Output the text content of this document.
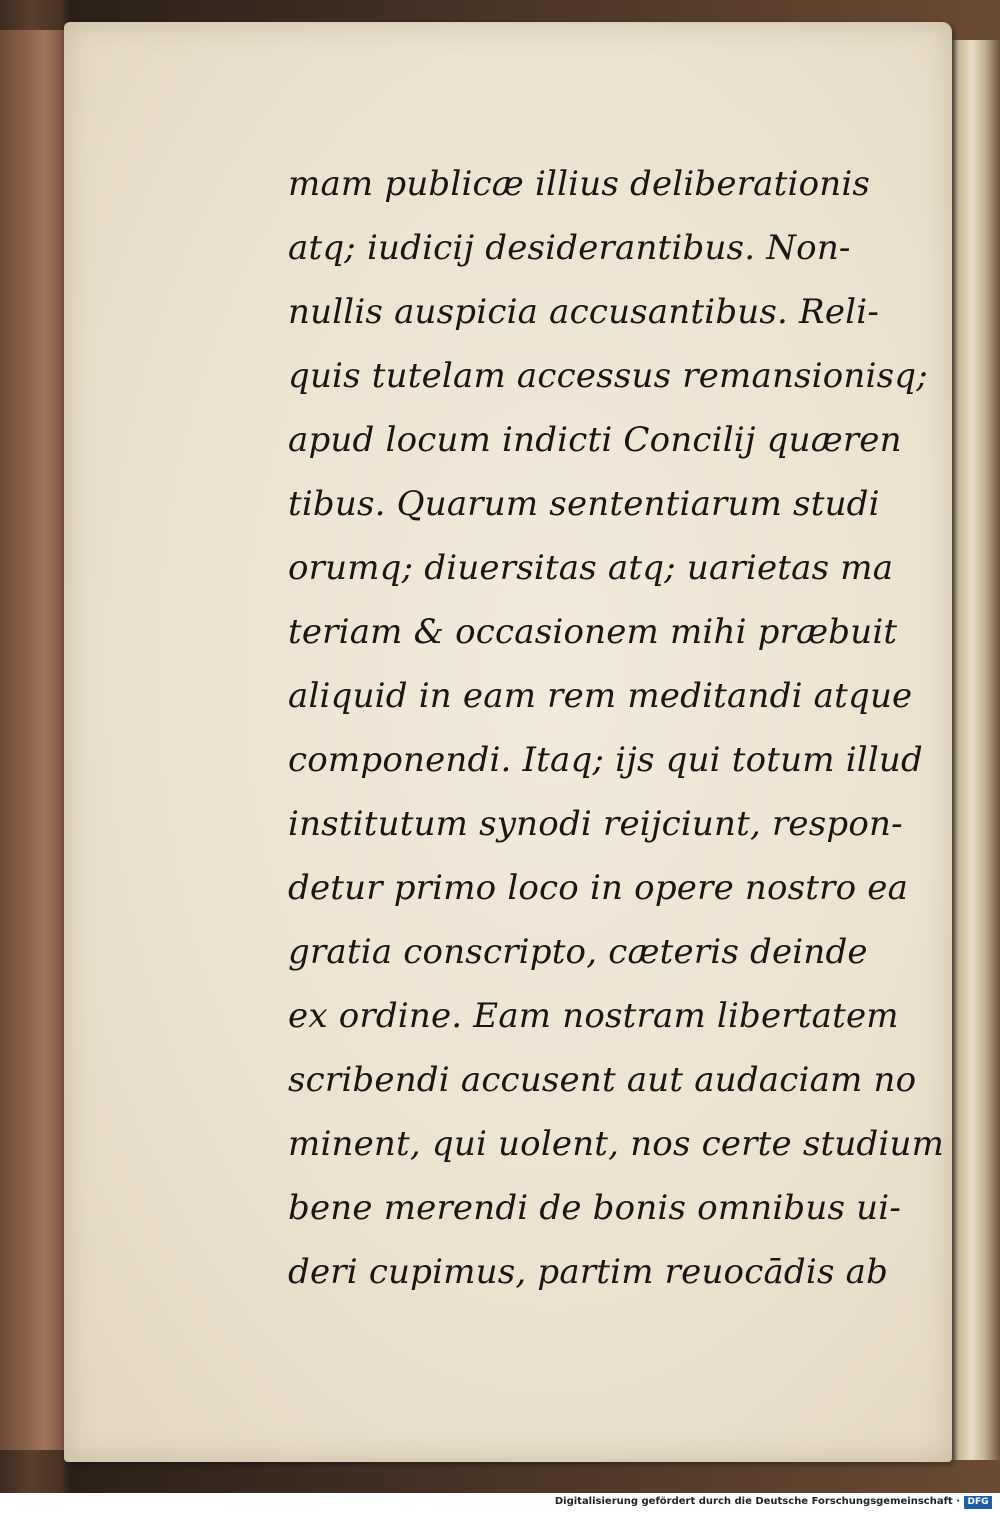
mam publicæ illius deliberationis
atq; iudicij desiderantibus. Non-
nullis auspicia accusantibus. Reli-
quis tutelam accessus remansionisq;
apud locum indicti Concilij quæren
tibus. Quarum sententiarum studi
orumq; diuersitas atq; uarietas ma
teriam & occasionem mihi præbuit
aliquid in eam rem meditandi atque
componendi. Itaq; ijs qui totum illud
institutum synodi reijciunt, respon-
detur primo loco in opere nostro ea
gratia conscripto, cæteris deinde
ex ordine. Eam nostram libertatem
scribendi accusent aut audaciam no
minent, qui uolent, nos certe studium
bene merendi de bonis omnibus ui-
deri cupimus, partim reuocādis ab
Digitalisierung gefördert durch die Deutsche Forschungsgemeinschaft · DFG
